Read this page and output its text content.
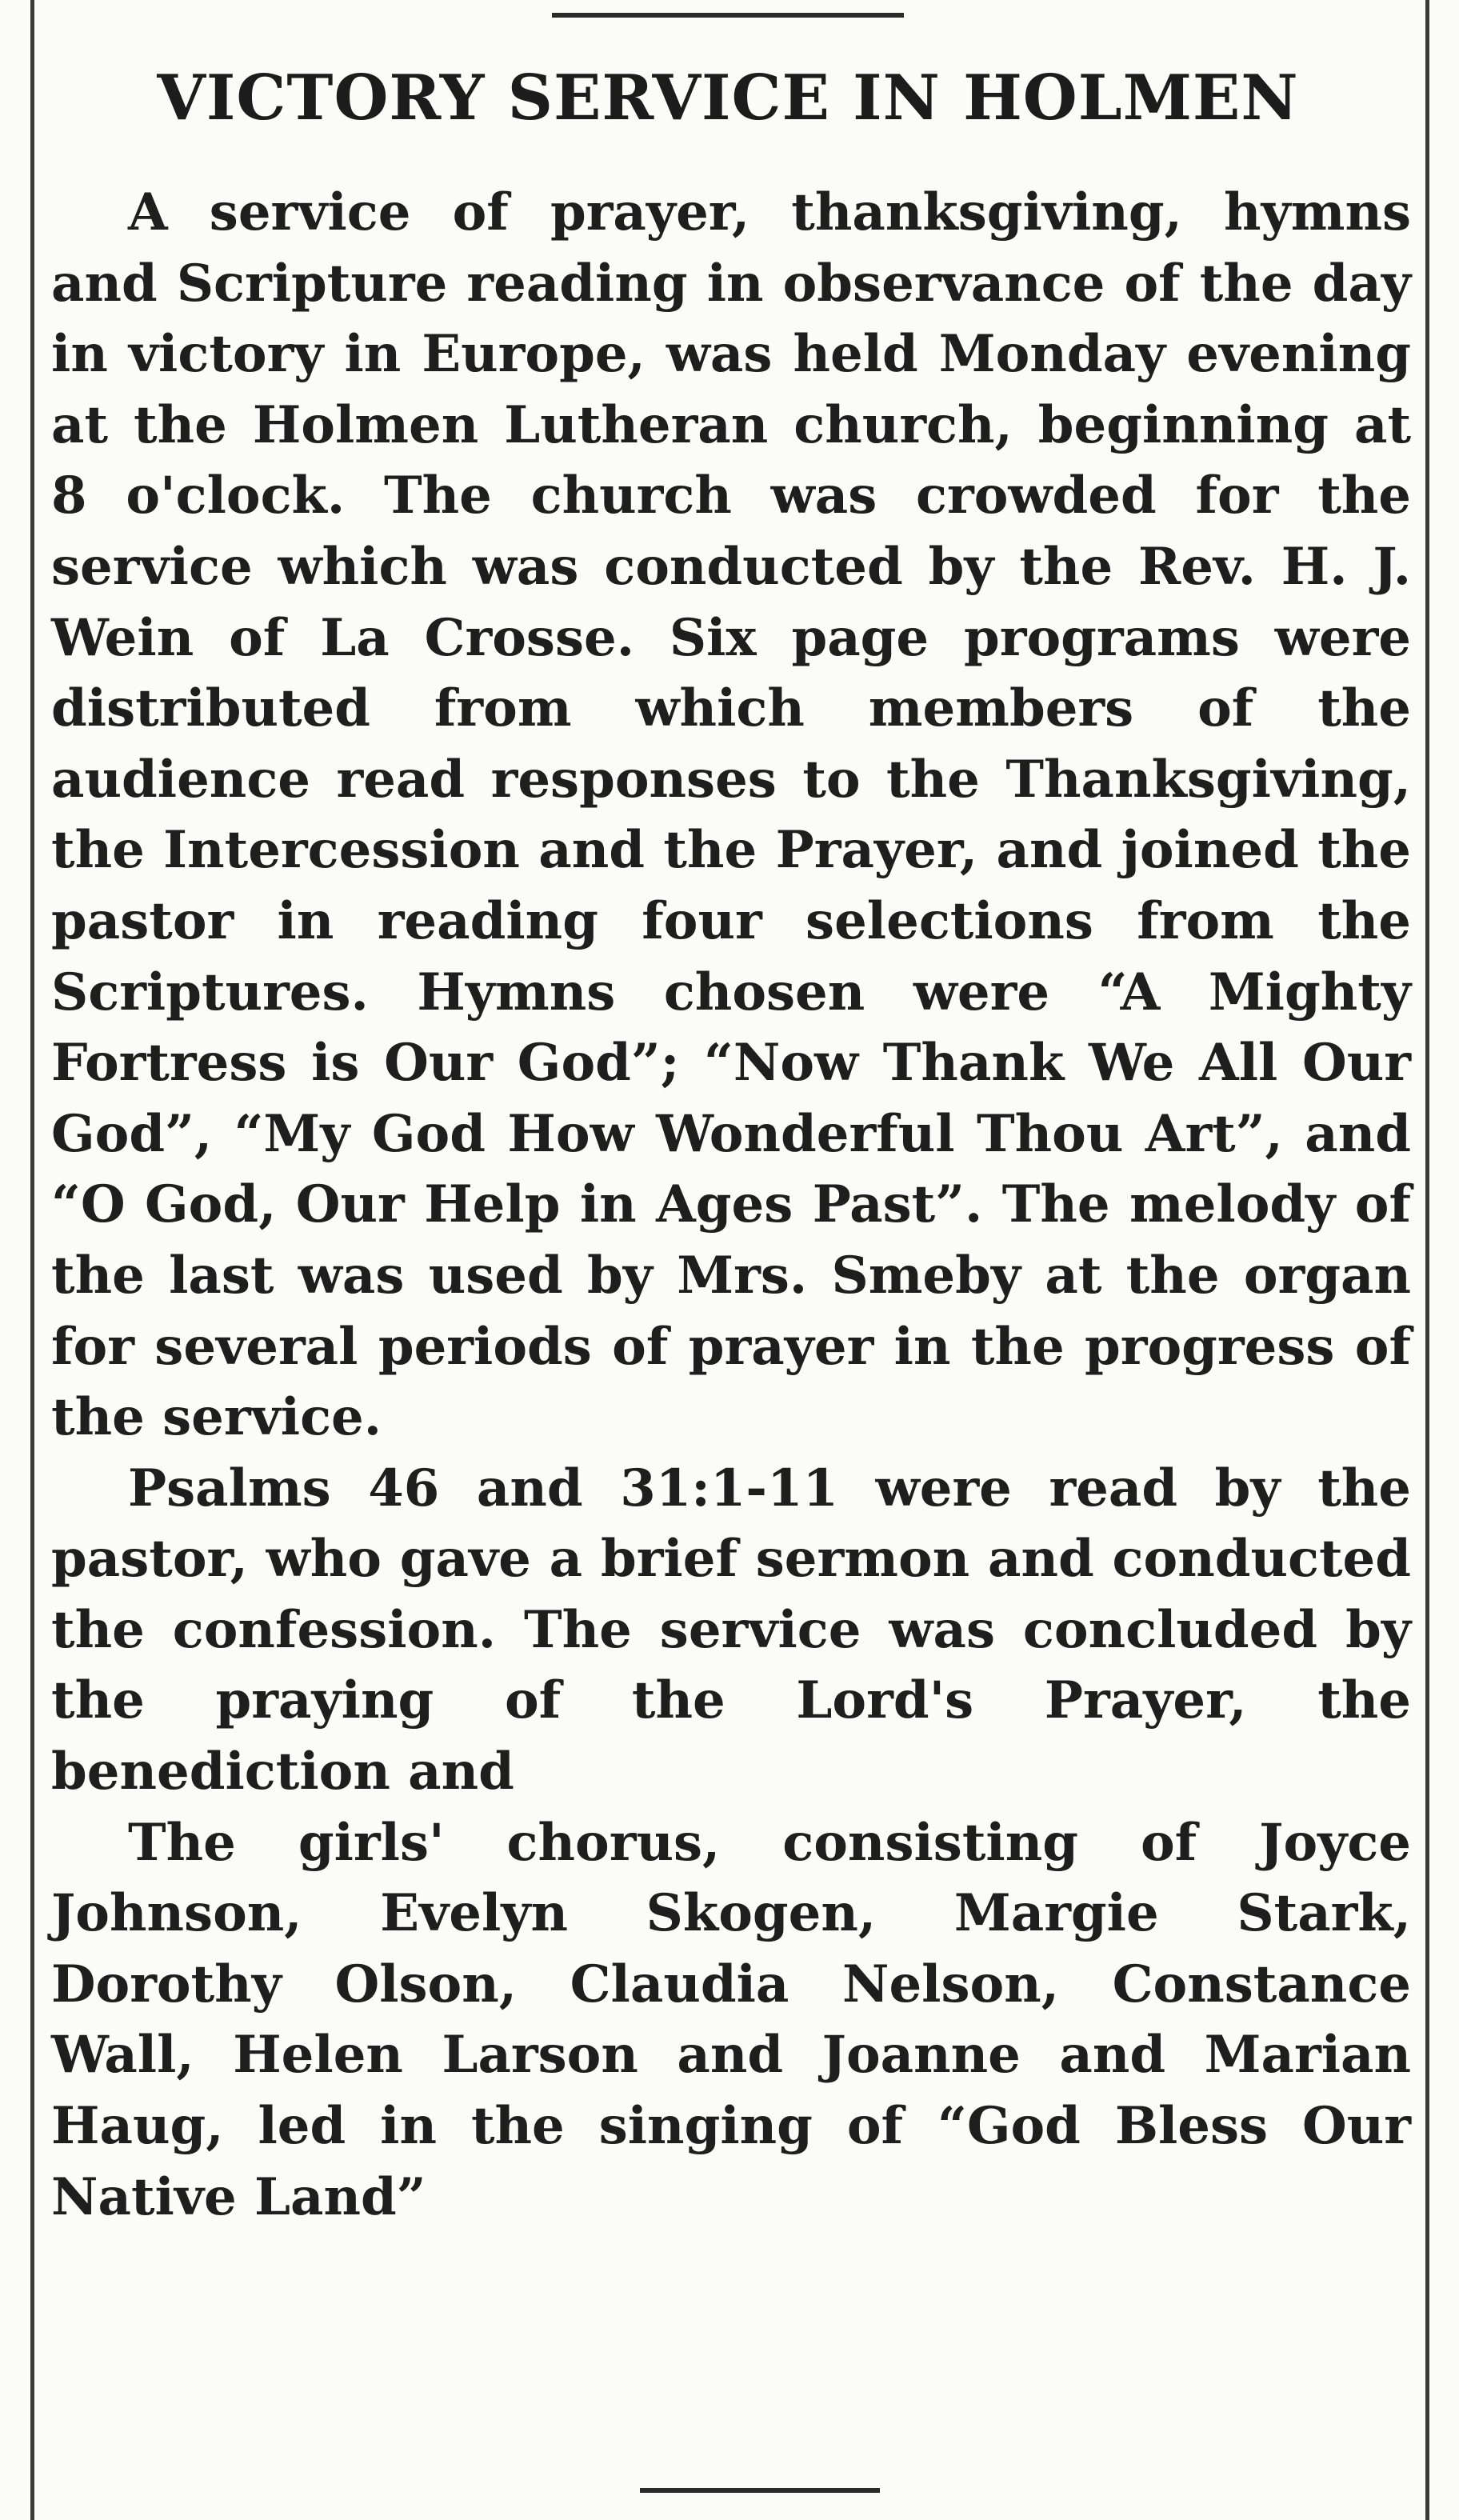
VICTORY SERVICE IN HOLMEN

A service of prayer, thanksgiving, hymns and Scripture reading in observance of the day in victory in Europe, was held Monday evening at the Holmen Lutheran church, beginning at 8 o'clock. The church was crowded for the service which was conducted by the Rev. H. J. Wein of La Crosse. Six page programs were distributed from which members of the audience read responses to the Thanksgiving, the Intercession and the Prayer, and joined the pastor in reading four selections from the Scriptures. Hymns chosen were “A Mighty Fortress is Our God”; “Now Thank We All Our God”, “My God How Wonderful Thou Art”, and “O God, Our Help in Ages Past”. The melody of the last was used by Mrs. Smeby at the organ for several periods of prayer in the progress of the service.

Psalms 46 and 31:1-11 were read by the pastor, who gave a brief sermon and conducted the confession. The service was concluded by the praying of the Lord's Prayer, the benediction and

The girls' chorus, consisting of Joyce Johnson, Evelyn Skogen, Margie Stark, Dorothy Olson, Claudia Nelson, Constance Wall, Helen Larson and Joanne and Marian Haug, led in the singing of “God Bless Our Native Land”
